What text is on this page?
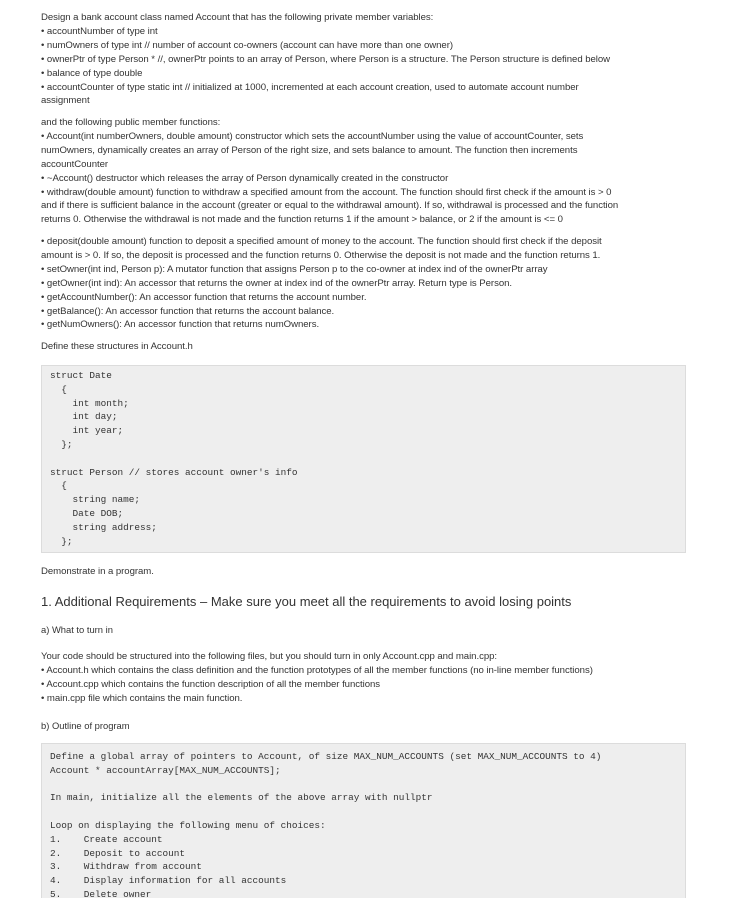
Design a bank account class named Account that has the following private member variables:
• accountNumber of type int
• numOwners of type int // number of account co-owners (account can have more than one owner)
• ownerPtr of type Person * //, ownerPtr points to an array of Person, where Person is a structure. The Person structure is defined below
• balance of type double
• accountCounter of type static int // initialized at 1000, incremented at each account creation, used to automate account number
assignment
and the following public member functions:
• Account(int numberOwners, double amount) constructor which sets the accountNumber using the value of accountCounter, sets
numOwners, dynamically creates an array of Person of the right size, and sets balance to amount. The function then increments
accountCounter
• ~Account() destructor which releases the array of Person dynamically created in the constructor
• withdraw(double amount) function to withdraw a specified amount from the account. The function should first check if the amount is > 0
and if there is sufficient balance in the account (greater or equal to the withdrawal amount). If so, withdrawal is processed and the function
returns 0. Otherwise the withdrawal is not made and the function returns 1 if the amount > balance, or 2 if the amount is <= 0
• deposit(double amount) function to deposit a specified amount of money to the account. The function should first check if the deposit
amount is > 0. If so, the deposit is processed and the function returns 0. Otherwise the deposit is not made and the function returns 1.
• setOwner(int ind, Person p): A mutator function that assigns Person p to the co-owner at index ind of the ownerPtr array
• getOwner(int ind): An accessor that returns the owner at index ind of the ownerPtr array. Return type is Person.
• getAccountNumber(): An accessor function that returns the account number.
• getBalance(): An accessor function that returns the account balance.
• getNumOwners(): An accessor function that returns numOwners.
Define these structures in Account.h
struct Date
{
int month;
int day;
int year;
};
struct Person // stores account owner's info
{
string name;
Date DOB;
string address;
};
Demonstrate in a program.
1. Additional Requirements – Make sure you meet all the requirements to avoid losing points
a) What to turn in
Your code should be structured into the following files, but you should turn in only Account.cpp and main.cpp:
• Account.h which contains the class definition and the function prototypes of all the member functions (no in-line member functions)
• Account.cpp which contains the function description of all the member functions
• main.cpp file which contains the main function.
b) Outline of program
Define a global array of pointers to Account, of size MAX_NUM_ACCOUNTS (set MAX_NUM_ACCOUNTS to 4)
Account * accountArray[MAX_NUM_ACCOUNTS];
In main, initialize all the elements of the above array with nullptr
Loop on displaying the following menu of choices:
1.    Create account
2.    Deposit to account
3.    Withdraw from account
4.    Display information for all accounts
5.    Delete owner
